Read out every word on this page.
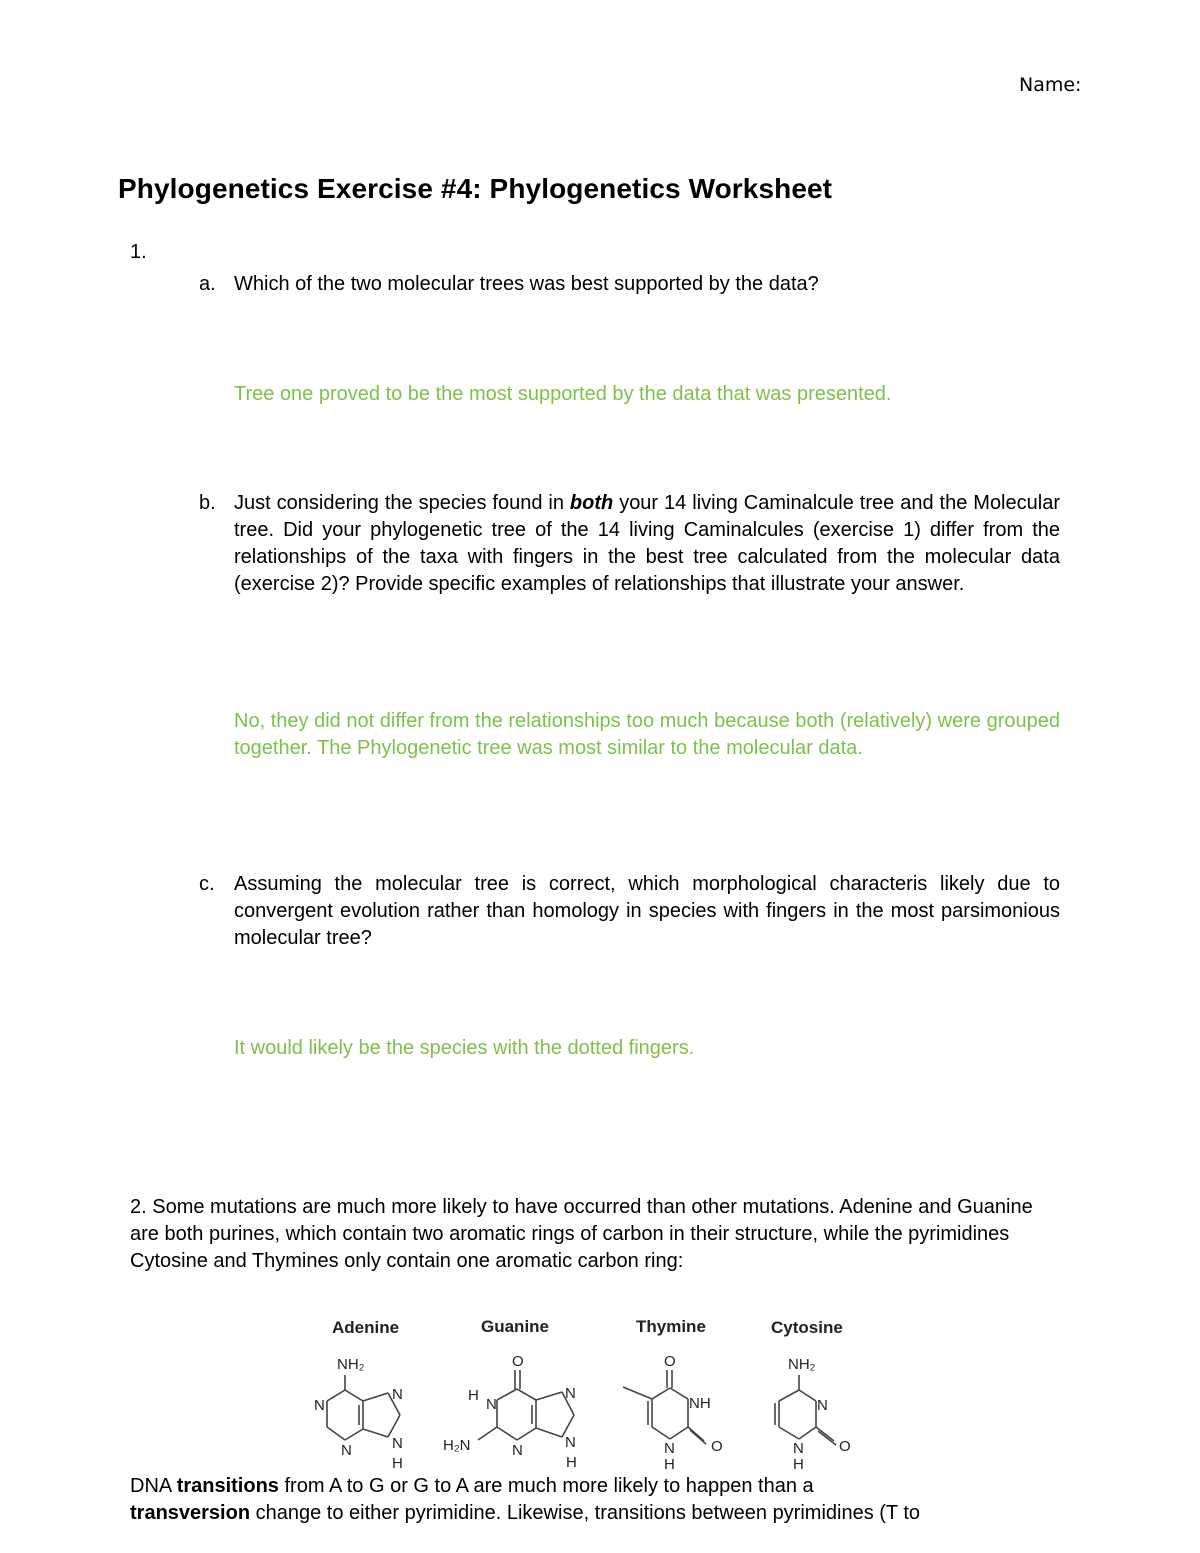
Name:
Phylogenetics Exercise #4: Phylogenetics Worksheet
1.
a. Which of the two molecular trees was best supported by the data?
Tree one proved to be the most supported by the data that was presented.
b. Just considering the species found in both your 14 living Caminalcule tree and the Molecular tree. Did your phylogenetic tree of the 14 living Caminalcules (exercise 1) differ from the relationships of the taxa with fingers in the best tree calculated from the molecular data (exercise 2)? Provide specific examples of relationships that illustrate your answer.
No, they did not differ from the relationships too much because both (relatively) were grouped together. The Phylogenetic tree was most similar to the molecular data.
c. Assuming the molecular tree is correct, which morphological characteris likely due to convergent evolution rather than homology in species with fingers in the most parsimonious molecular tree?
It would likely be the species with the dotted fingers.
2. Some mutations are much more likely to have occurred than other mutations. Adenine and Guanine are both purines, which contain two aromatic rings of carbon in their structure, while the pyrimidines Cytosine and Thymines only contain one aromatic carbon ring:
Adenine	Guanine	Thymine	Cytosine
NH₂
N
N
N
N
H
O
H
N
H₂N	N
N
N
H
O
NH
N
H
O
NH₂
N
N
H
O
DNA transitions from A to G or G to A are much more likely to happen than a
transversion change to either pyrimidine. Likewise, transitions between pyrimidines (T to
